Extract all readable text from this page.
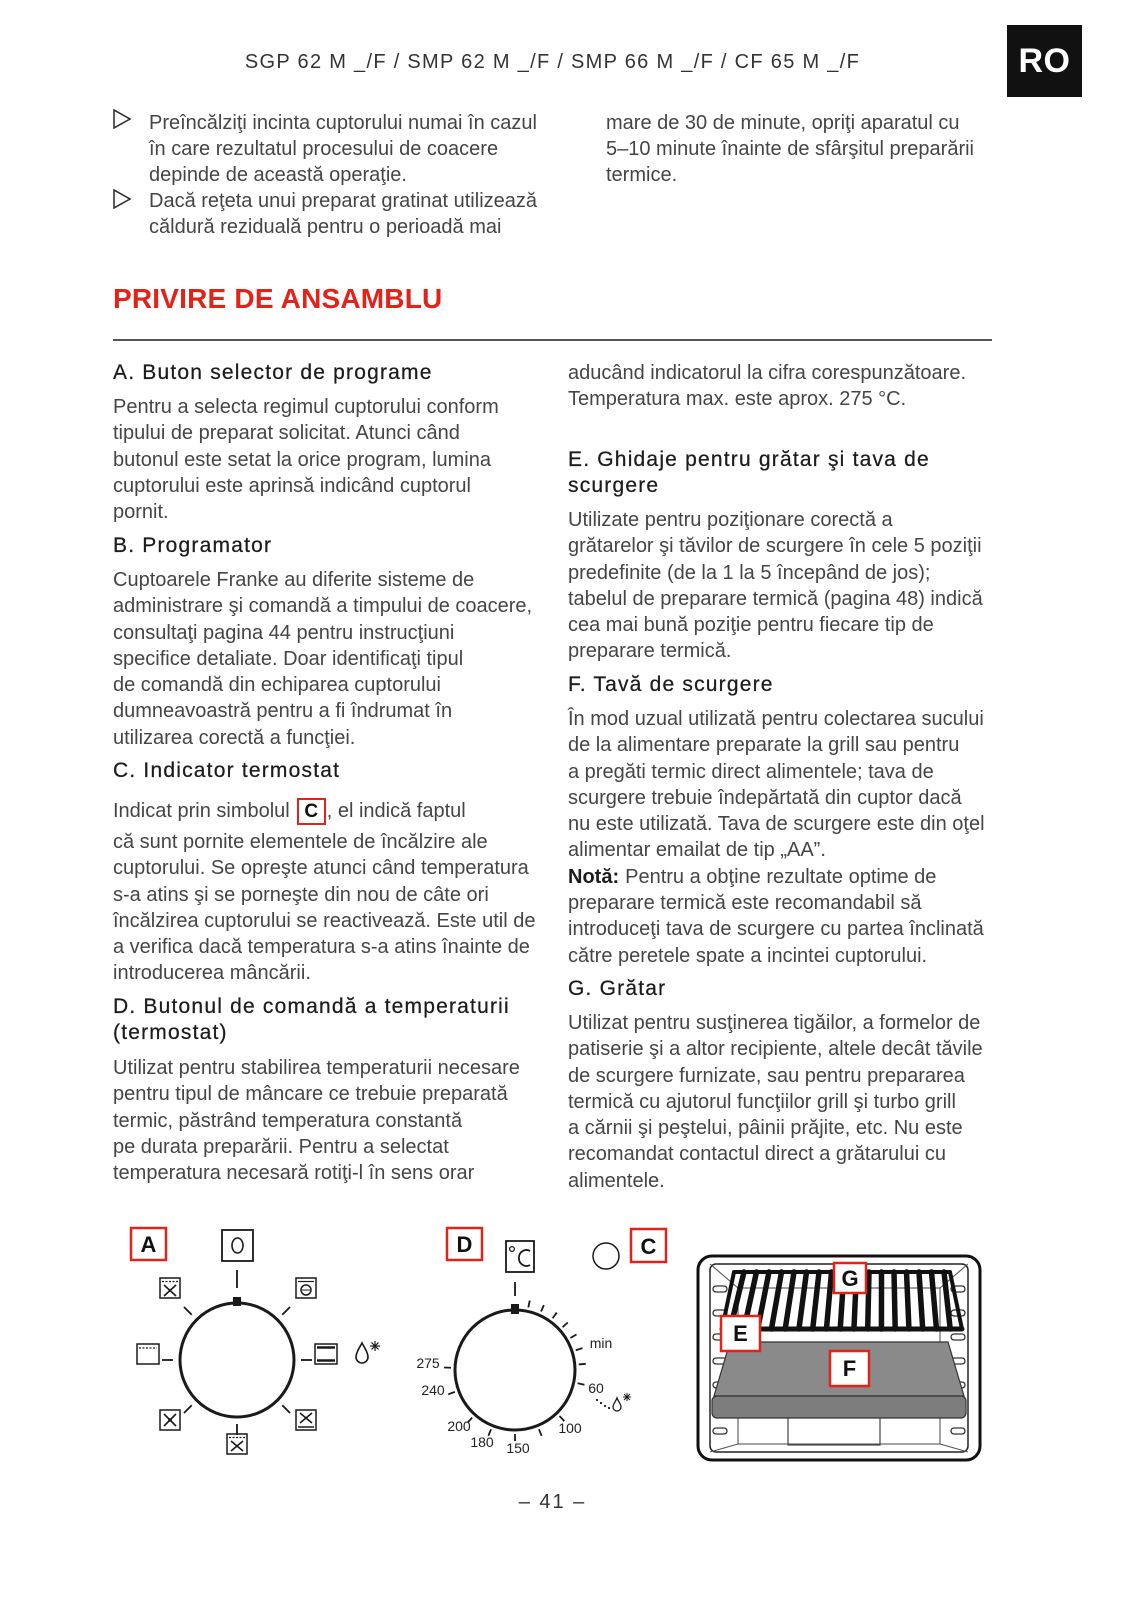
SGP 62 M _/F / SMP 62 M _/F / SMP 66 M _/F / CF 65 M _/F	RO
Preîncălziţi incinta cuptorului numai în cazul
în care rezultatul procesului de coacere
depinde de această operaţie.
Dacă reţeta unui preparat gratinat utilizează
căldură reziduală pentru o perioadă mai
mare de 30 de minute, opriţi aparatul cu
5–10 minute înainte de sfârşitul preparării
termice.
PRIVIRE DE ANSAMBLU
A. Buton selector de programe
Pentru a selecta regimul cuptorului conform
tipului de preparat solicitat. Atunci când
butonul este setat la orice program, lumina
cuptorului este aprinsă indicând cuptorul
pornit.
B. Programator
Cuptoarele Franke au diferite sisteme de
administrare şi comandă a timpului de coacere,
consultaţi pagina 44 pentru instrucţiuni
specifice detaliate. Doar identificaţi tipul
de comandă din echiparea cuptorului
dumneavoastră pentru a fi îndrumat în
utilizarea corectă a funcţiei.
C. Indicator termostat
Indicat prin simbolul C , el indică faptul
că sunt pornite elementele de încălzire ale
cuptorului. Se opreşte atunci când temperatura
s-a atins şi se porneşte din nou de câte ori
încălzirea cuptorului se reactivează. Este util de
a verifica dacă temperatura s-a atins înainte de
introducerea mâncării.
D. Butonul de comandă a temperaturii
(termostat)
Utilizat pentru stabilirea temperaturii necesare
pentru tipul de mâncare ce trebuie preparată
termic, păstrând temperatura constantă
pe durata preparării. Pentru a selectat
temperatura necesară rotiţi-l în sens orar
aducând indicatorul la cifra corespunzătoare.
Temperatura max. este aprox. 275 °C.
E. Ghidaje pentru grătar şi tava de
scurgere
Utilizate pentru poziţionare corectă a
grătarelor şi tăvilor de scurgere în cele 5 poziţii
predefinite (de la 1 la 5 începând de jos);
tabelul de preparare termică (pagina 48) indică
cea mai bună poziţie pentru fiecare tip de
preparare termică.
F. Tavă de scurgere
În mod uzual utilizată pentru colectarea sucului
de la alimentare preparate la grill sau pentru
a pregăti termic direct alimentele; tava de
scurgere trebuie îndepărtată din cuptor dacă
nu este utilizată. Tava de scurgere este din oţel
alimentar emailat de tip „AA”.
Notă: Pentru a obţine rezultate optime de
preparare termică este recomandabil să
introduceţi tava de scurgere cu partea înclinată
către peretele spate a incintei cuptorului.
G. Grătar
Utilizat pentru susţinerea tigăilor, a formelor de
patiserie şi a altor recipiente, altele decât tăvile
de scurgere furnizate, sau pentru prepararea
termică cu ajutorul funcţiilor grill şi turbo grill
a cărnii şi peştelui, pâinii prăjite, etc. Nu este
recomandat contactul direct a grătarului cu
alimentele.
A	D
275
240
200
180 150
100
60
min
C
G
E
F
– 41 –
